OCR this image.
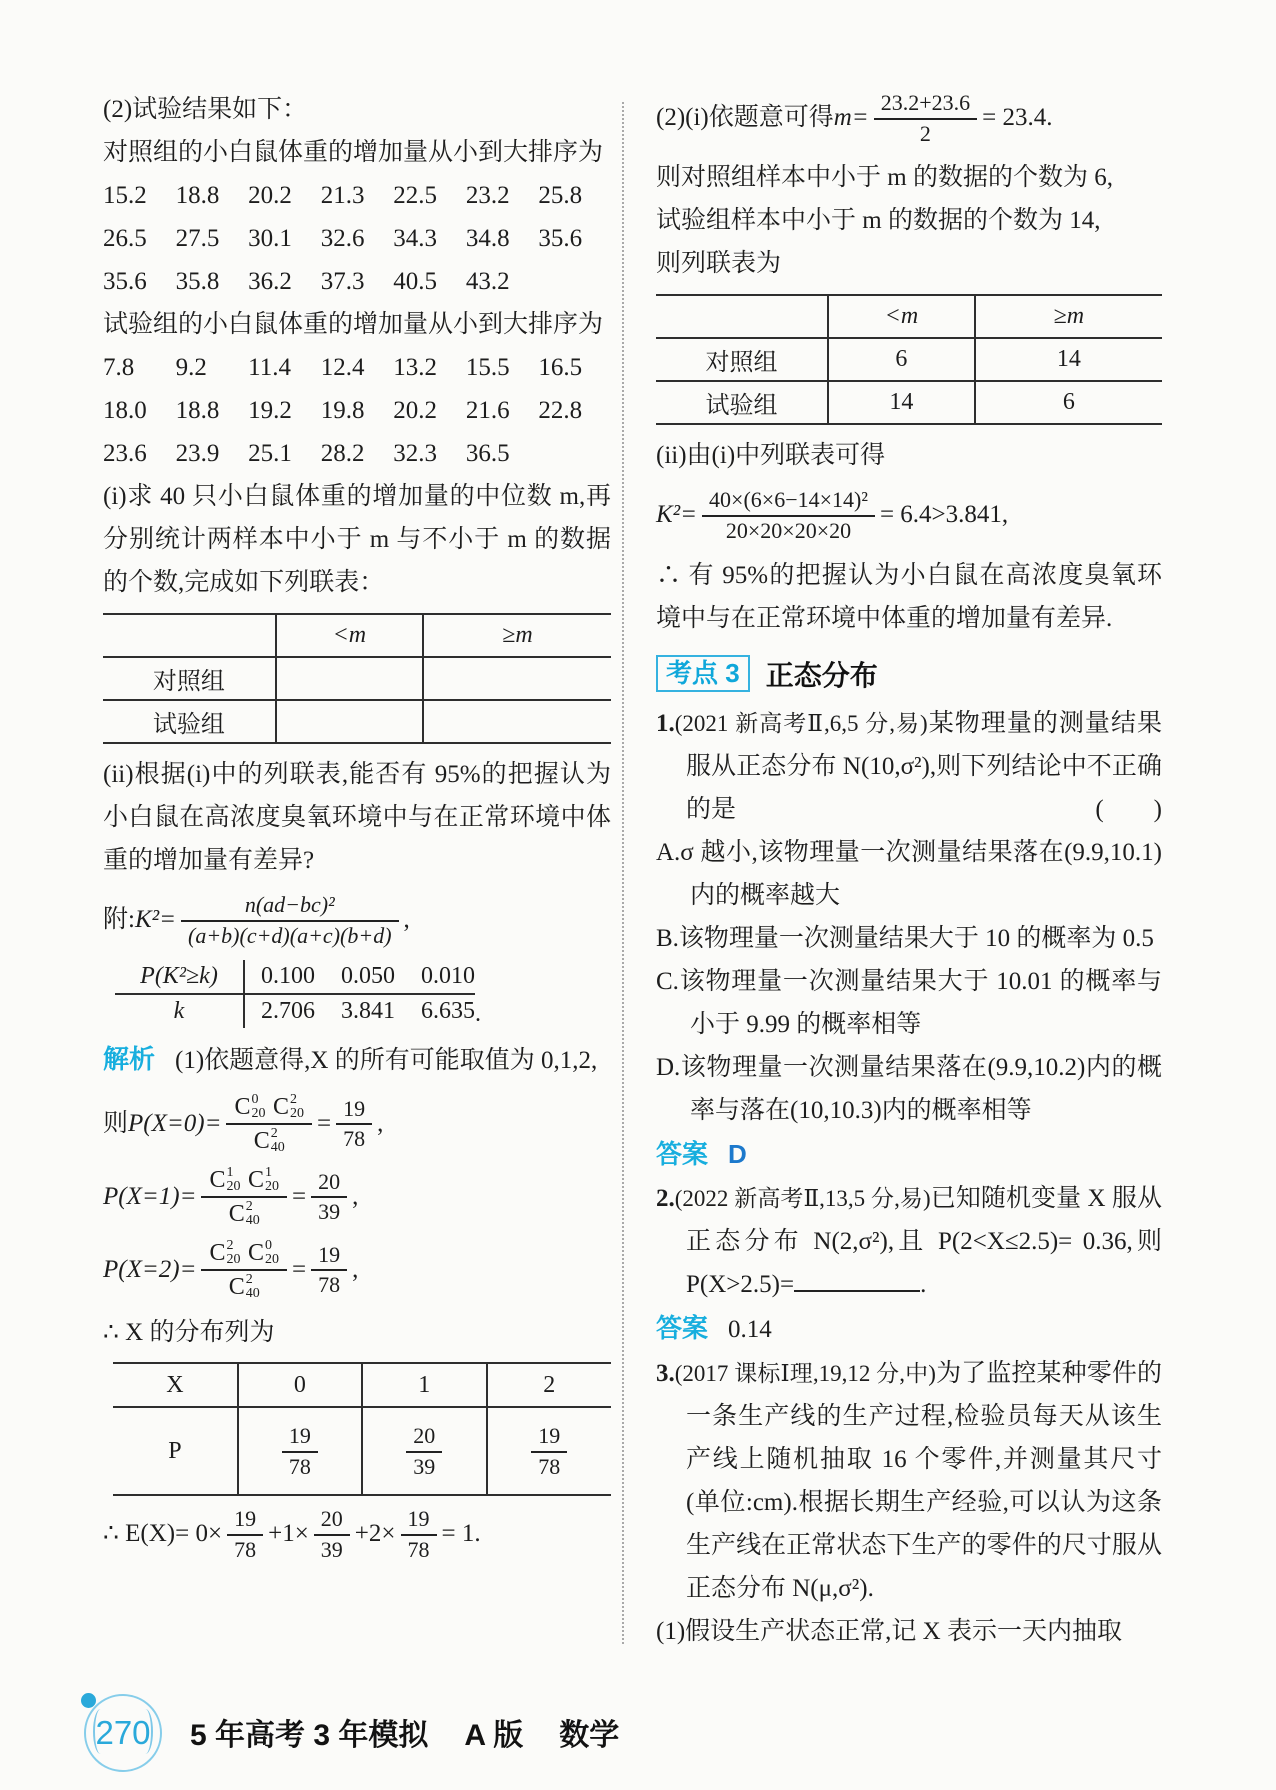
(2)试验结果如下：

对照组的小白鼠体重的增加量从小到大排序为

15.2	18.8	20.2	21.3	22.5	23.2	25.8
26.5	27.5	30.1	32.6	34.3	34.8	35.6
35.6	35.8	36.2	37.3	40.5	43.2

试验组的小白鼠体重的增加量从小到大排序为

7.8	9.2	11.4	12.4	13.2	15.5	16.5
18.0	18.8	19.2	19.8	20.2	21.6	22.8
23.6	23.9	25.1	28.2	32.3	36.5

(i)求 40 只小白鼠体重的增加量的中位数 m,再分别统计两样本中小于 m 与不小于 m 的数据的个数,完成如下列联表：

	<m	≥m
对照组		
试验组		

(ii)根据(i)中的列联表,能否有 95%的把握认为小白鼠在高浓度臭氧环境中与在正常环境中体重的增加量有差异?

附: $K^2= \frac{\text{n(ad−bc)²}}{(a+b)(c+d)(a+c)(b+d)}$ ,
P(K²≥k)	0.100 0.050 0.010
k	2.706 3.841 6.635 .

解析 (1)依题意得,X 的所有可能取值为 0,1,2,

则 P(X=0)= C 0
20
C 2
20
C 2
$40 = \frac{19}{78}$ ,
P(X=1)= C 1
20
C 1
20
C 2
$40 = \frac{20}{39}$ ,
P(X=2)= C 2
20
C 0
20
C 2
$40 = \frac{19}{78}$ ,

∴ X 的分布列为

X	0	1	2
P	$\frac{19}{78}$	$\frac{20}{39}$	$\frac{19}{78}$
∴ $E(X)= 0\times \frac{19}{78} +1\times \frac{20}{39} +2\times \frac{19}{78} = 1$.
(2)(i)依题意可得 $m= \frac{23.2+23.6}{2} = 23.4$.

则对照组样本中小于 m 的数据的个数为 6,

试验组样本中小于 m 的数据的个数为 14,

则列联表为

	<m	≥m
对照组	6	14
试验组	14	6

(ii)由(i)中列联表可得

$K^2= \frac{\text{40×(6×6−14×14)²}}{20\times 20\times 20\times 20} = 6.4>3.841$,

∴ 有 95%的把握认为小白鼠在高浓度臭氧环境中与在正常环境中体重的增加量有差异.

考点 3 正态分布

1.(2021 新高考Ⅱ,6,5 分,易)某物理量的测量结果服从正态分布 N(10,σ²),则下列结论中不正确的是	(　　)

A.σ 越小,该物理量一次测量结果落在(9.9,10.1)内的概率越大

B.该物理量一次测量结果大于 10 的概率为 0.5

C.该物理量一次测量结果大于 10.01 的概率与小于 9.99 的概率相等

D.该物理量一次测量结果落在(9.9,10.2)内的概率与落在(10,10.3)内的概率相等

答案 D

2.(2022 新高考Ⅱ,13,5 分,易)已知随机变量 X 服从正态分布 N(2,σ²),且 P(2<X≤2.5)= 0.36,则 P(X>2.5)=	.

答案 0.14

3.(2017 课标Ⅰ理,19,12 分,中)为了监控某种零件的一条生产线的生产过程,检验员每天从该生产线上随机抽取 16 个零件,并测量其尺寸(单位:cm).根据长期生产经验,可以认为这条生产线在正常状态下生产的零件的尺寸服从正态分布 N(μ,σ²).

(1)假设生产状态正常,记 X 表示一天内抽取

270 5 年高考 3 年模拟 A 版 数学
